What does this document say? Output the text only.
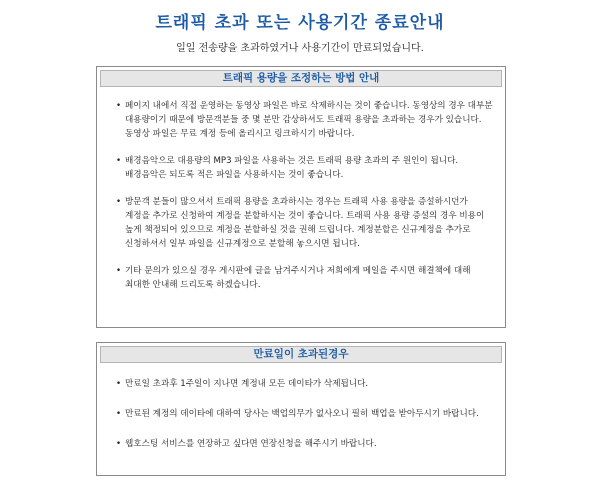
트래픽 초과 또는 사용기간 종료안내
일일 전송량을 초과하였거나 사용기간이 만료되었습니다.
트래픽 용량을 조정하는 방법 안내
• 페이지 내에서 직접 운영하는 동영상 파일은 바로 삭제하시는 것이 좋습니다. 동영상의 경우 대부분 대용량이기 때문에 방문객분들 중 몇 분만 감상하셔도 트래픽 용량을 초과하는 경우가 있습니다. 동영상 파일은 무료 계정 등에 올리시고 링크하시기 바랍니다.
• 배경음악으로 대용량의 MP3 파일을 사용하는 것은 트래픽 용량 초과의 주 원인이 됩니다. 배경음악은 되도록 적은 파일을 사용하시는 것이 좋습니다.
• 방문객 분들이 많으셔서 트래픽 용량을 초과하시는 경우는 트래픽 사용 용량을 증설하시던가 계정을 추가로 신청하여 계정을 분할하시는 것이 좋습니다. 트래픽 사용 용량 증설의 경우 비용이 높게 책정되어 있으므로 계정을 분할하실 것을 권해 드립니다. 계정분할은 신규계정을 추가로 신청하셔서 일부 파일을 신규계정으로 분할해 놓으시면 됩니다.
• 기타 문의가 있으실 경우 게시판에 글을 남겨주시거나 저희에게 메일을 주시면 해결책에 대해 최대한 안내해 드리도록 하겠습니다.
만료일이 초과된경우
• 만료일 초과후 1주일이 지나면 계정내 모든 데이타가 삭제됩니다.
• 만료된 계정의 데이타에 대하여 당사는 백업의무가 없사오니 필히 백업을 받아두시기 바랍니다.
• 웹호스팅 서비스를 연장하고 싶다면 연장신청을 해주시기 바랍니다.
